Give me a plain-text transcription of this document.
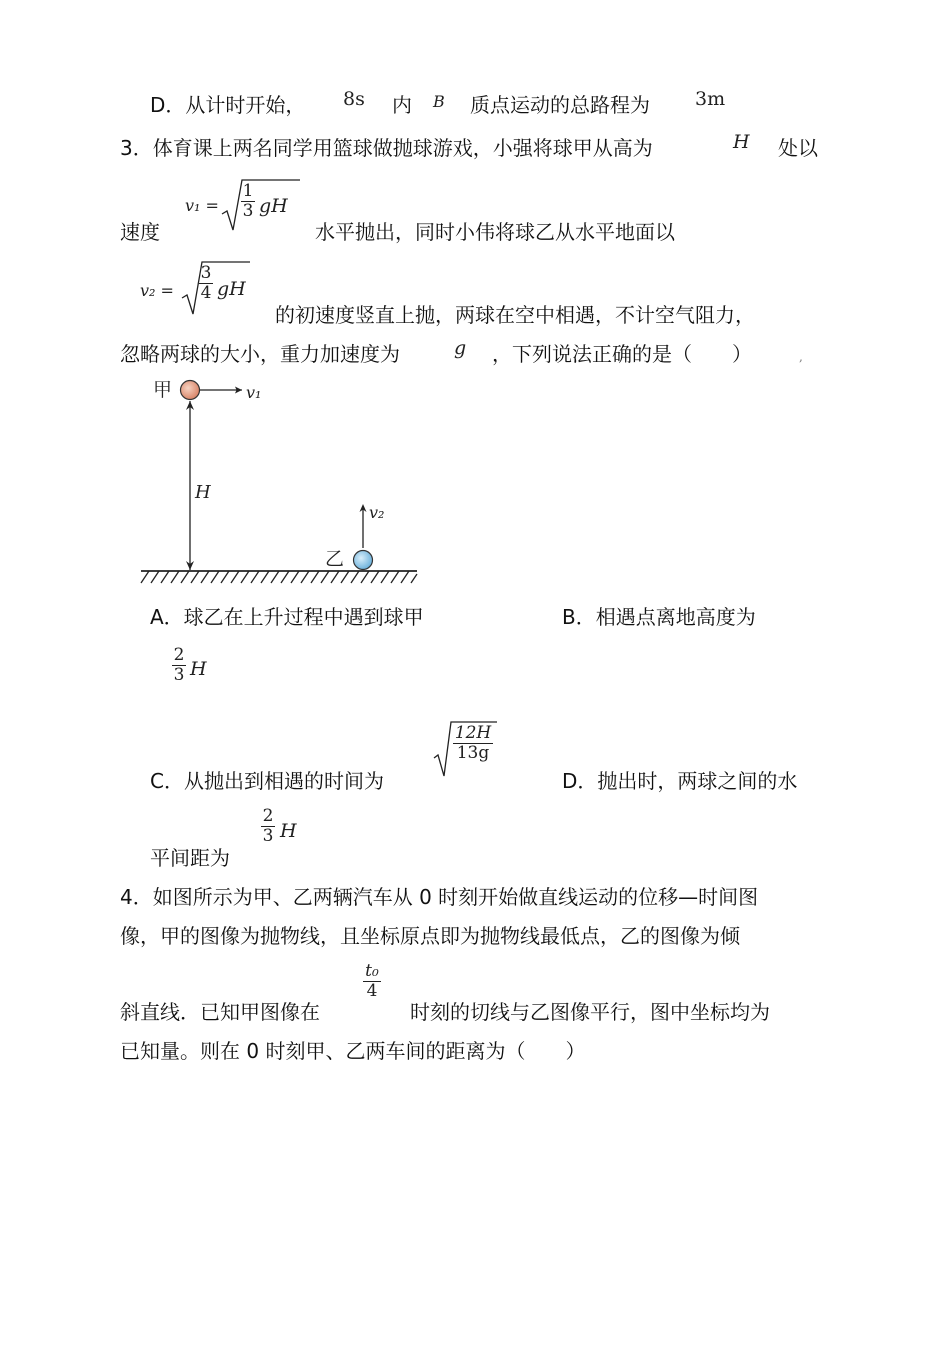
D．从计时开始， 8s 内 B 质点运动的总路程为 3m
3．体育课上两名同学用篮球做抛球游戏，小强将球甲从高为	H 处以
速度
v₁ =
1
3 gH
水平抛出，同时小伟将球乙从水平地面以
v₂ =
3
4 gH
的初速度竖直上抛，两球在空中相遇，不计空气阻力，
忽略两球的大小，重力加速度为	g ，下列说法正确的是（　　）	,
甲	v₁
H
v₂
乙
A．球乙在上升过程中遇到球甲	B．相遇点离地高度为
2
3 H
C．从抛出到相遇的时间为
12H
13g
D．抛出时，两球之间的水
平间距为
2
3 H
4．如图所示为甲、乙两辆汽车从 0 时刻开始做直线运动的位移—时间图
像，甲的图像为抛物线，且坐标原点即为抛物线最低点，乙的图像为倾
斜直线．已知甲图像在
t₀
4
时刻的切线与乙图像平行，图中坐标均为
已知量。则在 0 时刻甲、乙两车间的距离为（　　）
